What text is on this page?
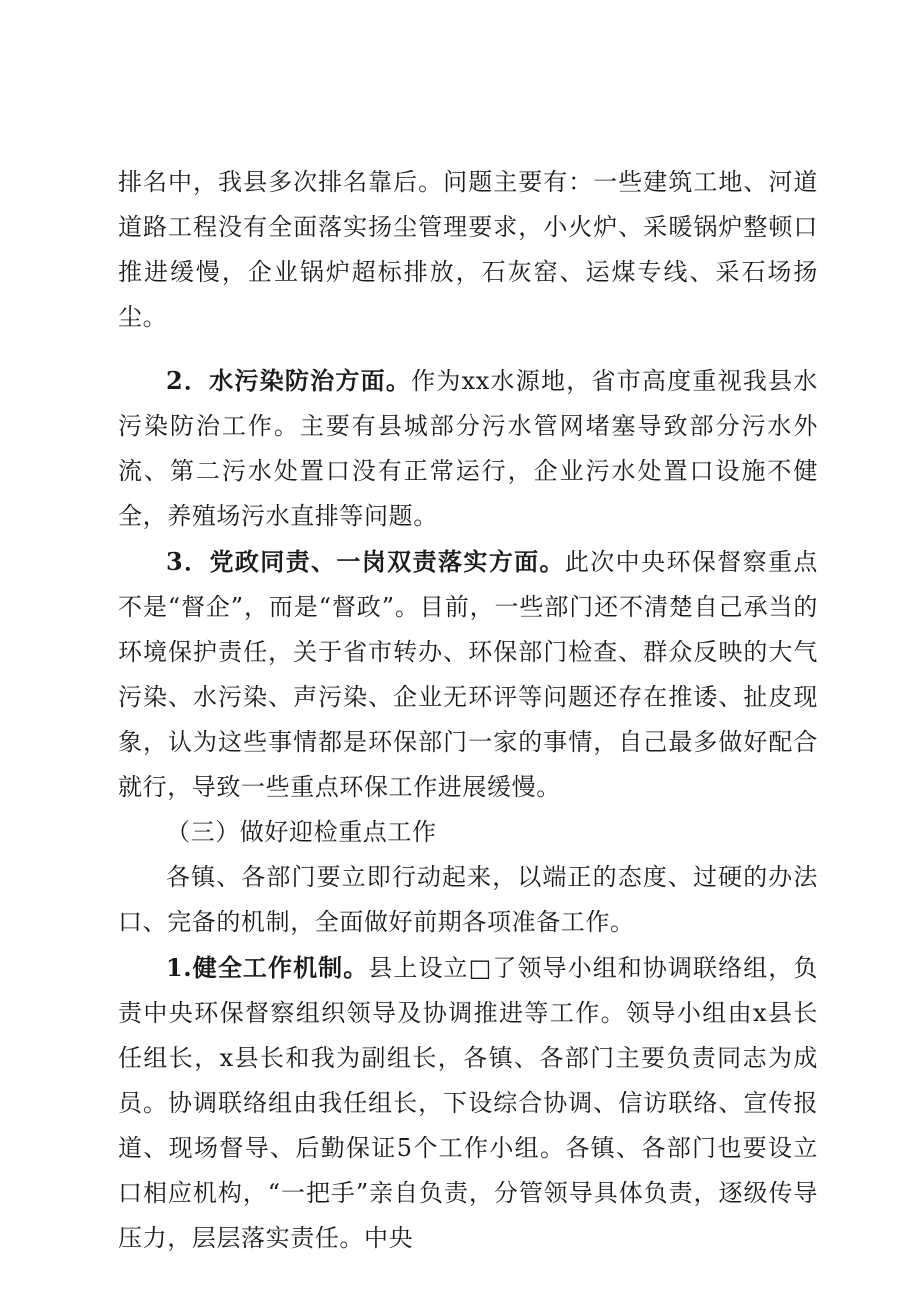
排名中，我县多次排名靠后。问题主要有：一些建筑工地、河道道路工程没有全面落实扬尘管理要求，小火炉、采暖锅炉整顿口推进缓慢，企业锅炉超标排放，石灰窑、运煤专线、采石场扬尘。

2．水污染防治方面。作为xx水源地，省市高度重视我县水污染防治工作。主要有县城部分污水管网堵塞导致部分污水外流、第二污水处置口没有正常运行，企业污水处置口设施不健全，养殖场污水直排等问题。

3．党政同责、一岗双责落实方面。此次中央环保督察重点不是“督企”，而是“督政”。目前，一些部门还不清楚自己承当的环境保护责任，关于省市转办、环保部门检查、群众反映的大气污染、水污染、声污染、企业无环评等问题还存在推诿、扯皮现象，认为这些事情都是环保部门一家的事情，自己最多做好配合就行，导致一些重点环保工作进展缓慢。

（三）做好迎检重点工作

各镇、各部门要立即行动起来，以端正的态度、过硬的办法口、完备的机制，全面做好前期各项准备工作。

1.健全工作机制。县上设立□了领导小组和协调联络组，负责中央环保督察组织领导及协调推进等工作。领导小组由x县长任组长，x县长和我为副组长，各镇、各部门主要负责同志为成员。协调联络组由我任组长，下设综合协调、信访联络、宣传报道、现场督导、后勤保证5个工作小组。各镇、各部门也要设立口相应机构，“一把手”亲自负责，分管领导具体负责，逐级传导压力，层层落实责任。中央
